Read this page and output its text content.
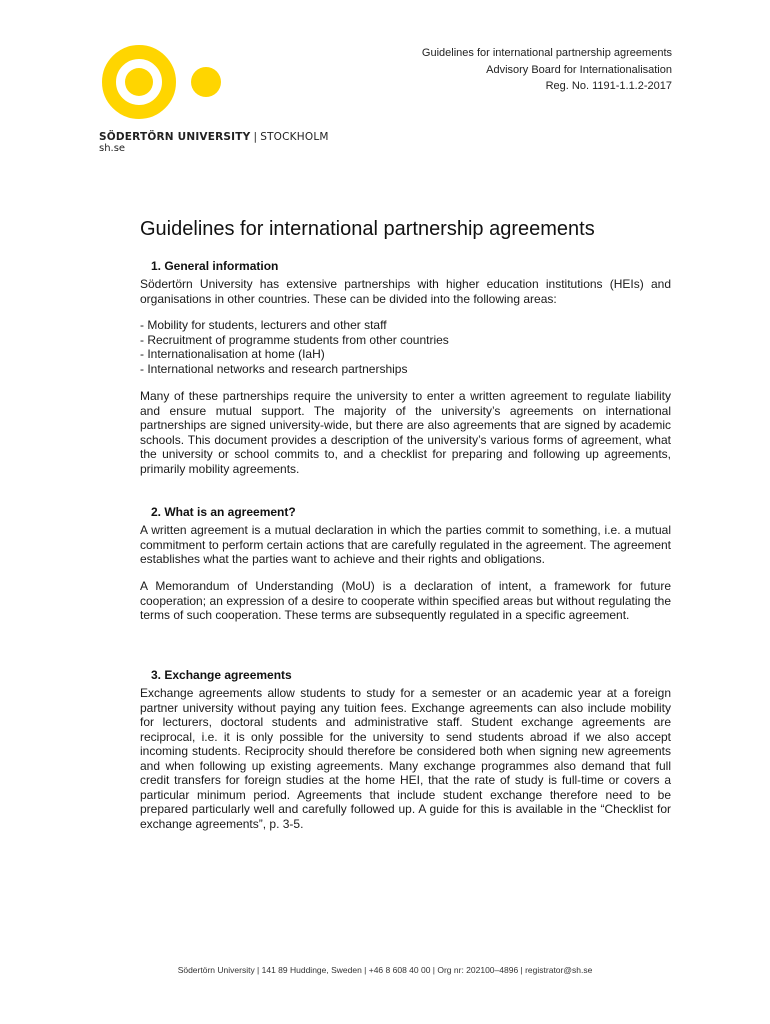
SÖDERTÖRN UNIVERSITY | STOCKHOLM
sh.se
Guidelines for international partnership agreements
Advisory Board for Internationalisation
Reg. No. 1191-1.1.2-2017
Guidelines for international partnership agreements
1. General information

Södertörn University has extensive partnerships with higher education institutions (HEIs) and organisations in other countries. These can be divided into the following areas:

- Mobility for students, lecturers and other staff
- Recruitment of programme students from other countries
- Internationalisation at home (IaH)
- International networks and research partnerships

Many of these partnerships require the university to enter a written agreement to regulate liability and ensure mutual support. The majority of the university’s agreements on international partnerships are signed university-wide, but there are also agreements that are signed by academic schools. This document provides a description of the university’s various forms of agreement, what the university or school commits to, and a checklist for preparing and following up agreements, primarily mobility agreements.

2. What is an agreement?

A written agreement is a mutual declaration in which the parties commit to something, i.e. a mutual commitment to perform certain actions that are carefully regulated in the agreement. The agreement establishes what the parties want to achieve and their rights and obligations.

A Memorandum of Understanding (MoU) is a declaration of intent, a framework for future cooperation; an expression of a desire to cooperate within specified areas but without regulating the terms of such cooperation. These terms are subsequently regulated in a specific agreement.

3. Exchange agreements

Exchange agreements allow students to study for a semester or an academic year at a foreign partner university without paying any tuition fees. Exchange agreements can also include mobility for lecturers, doctoral students and administrative staff. Student exchange agreements are reciprocal, i.e. it is only possible for the university to send students abroad if we also accept incoming students. Reciprocity should therefore be considered both when signing new agreements and when following up existing agreements. Many exchange programmes also demand that full credit transfers for foreign studies at the home HEI, that the rate of study is full-time or covers a particular minimum period. Agreements that include student exchange therefore need to be prepared particularly well and carefully followed up. A guide for this is available in the “Checklist for exchange agreements”, p. 3-5.

Södertörn University | 141 89 Huddinge, Sweden | +46 8 608 40 00 | Org nr: 202100–4896 | registrator@sh.se
